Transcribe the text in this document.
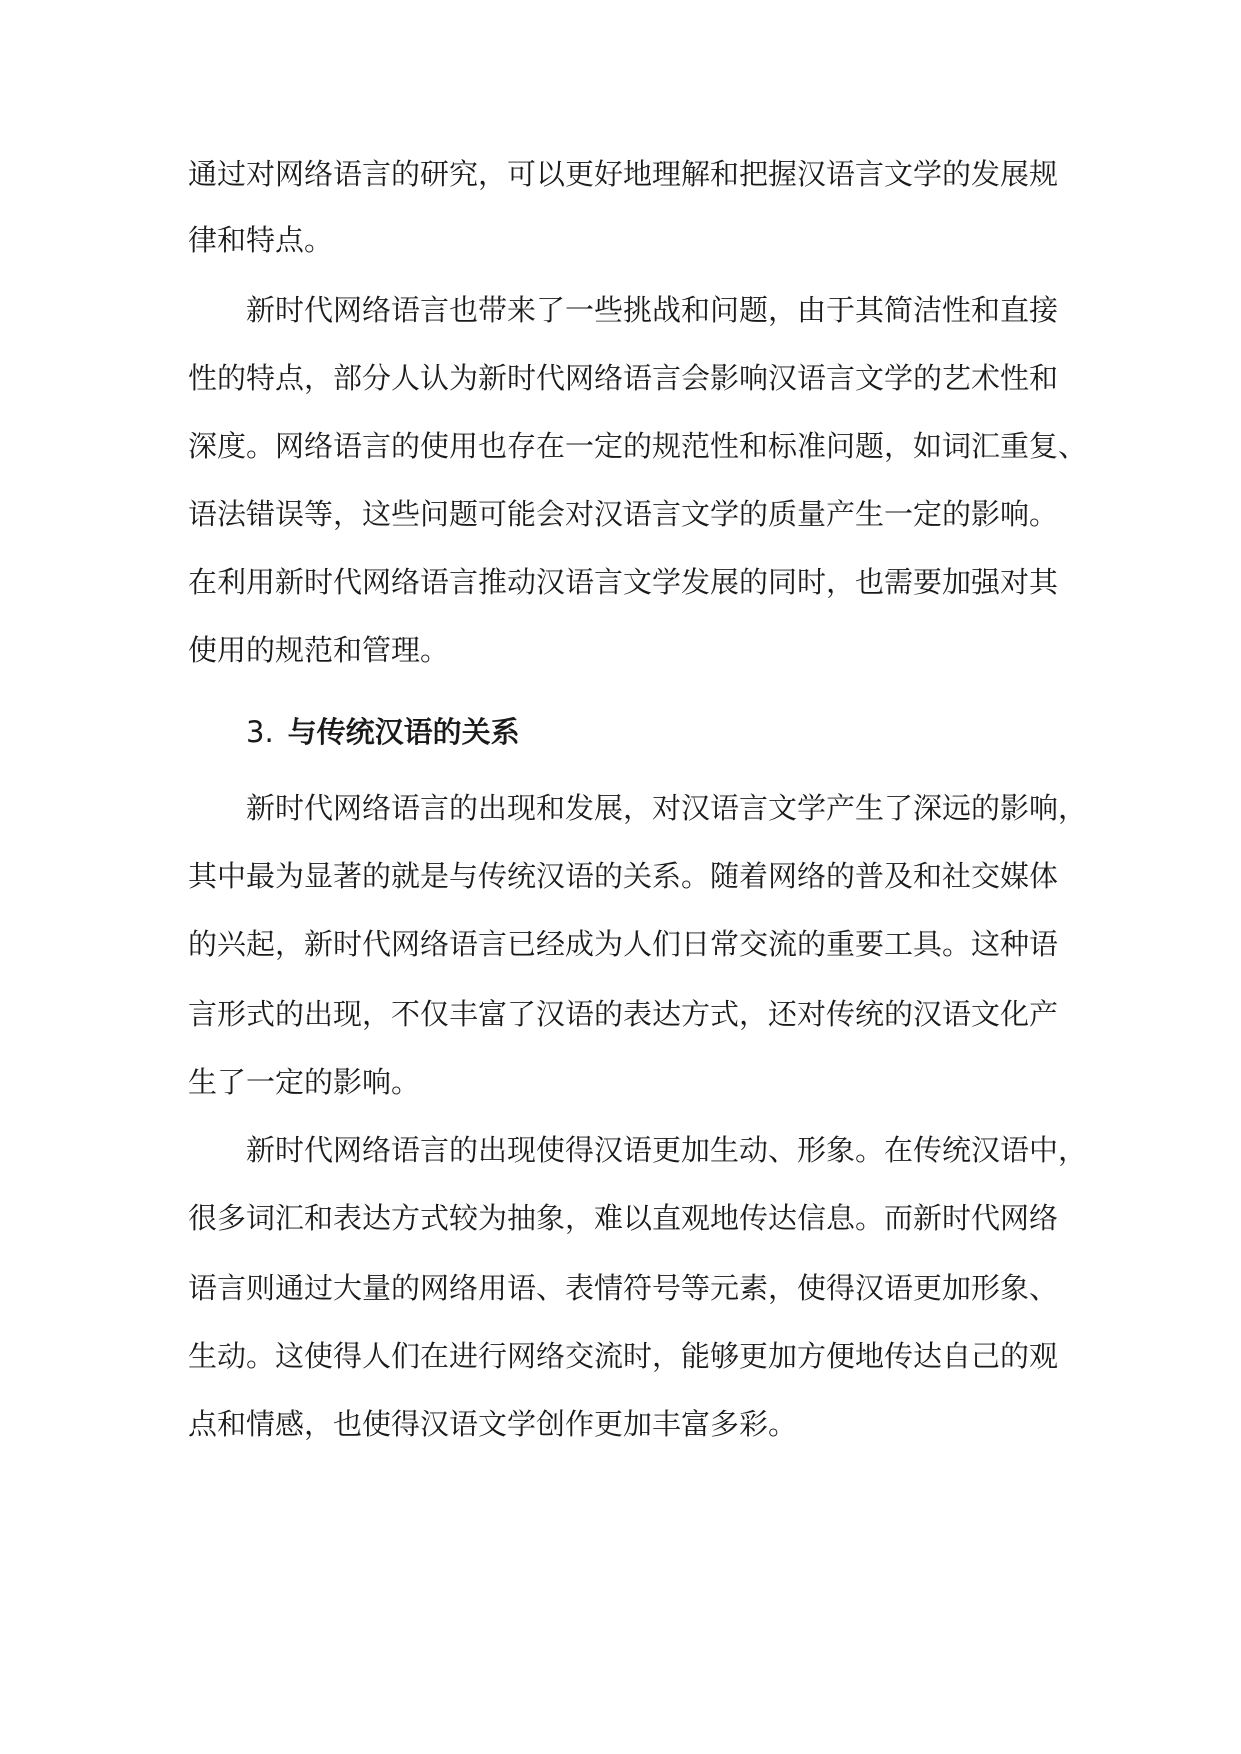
通过对网络语言的研究，可以更好地理解和把握汉语言文学的发展规
律和特点。
新时代网络语言也带来了一些挑战和问题，由于其简洁性和直接
性的特点，部分人认为新时代网络语言会影响汉语言文学的艺术性和
深度。网络语言的使用也存在一定的规范性和标准问题，如词汇重复、
语法错误等，这些问题可能会对汉语言文学的质量产生一定的影响。
在利用新时代网络语言推动汉语言文学发展的同时，也需要加强对其
使用的规范和管理。
3. 与传统汉语的关系
新时代网络语言的出现和发展，对汉语言文学产生了深远的影响，
其中最为显著的就是与传统汉语的关系。随着网络的普及和社交媒体
的兴起，新时代网络语言已经成为人们日常交流的重要工具。这种语
言形式的出现，不仅丰富了汉语的表达方式，还对传统的汉语文化产
生了一定的影响。
新时代网络语言的出现使得汉语更加生动、形象。在传统汉语中，
很多词汇和表达方式较为抽象，难以直观地传达信息。而新时代网络
语言则通过大量的网络用语、表情符号等元素，使得汉语更加形象、
生动。这使得人们在进行网络交流时，能够更加方便地传达自己的观
点和情感，也使得汉语文学创作更加丰富多彩。
